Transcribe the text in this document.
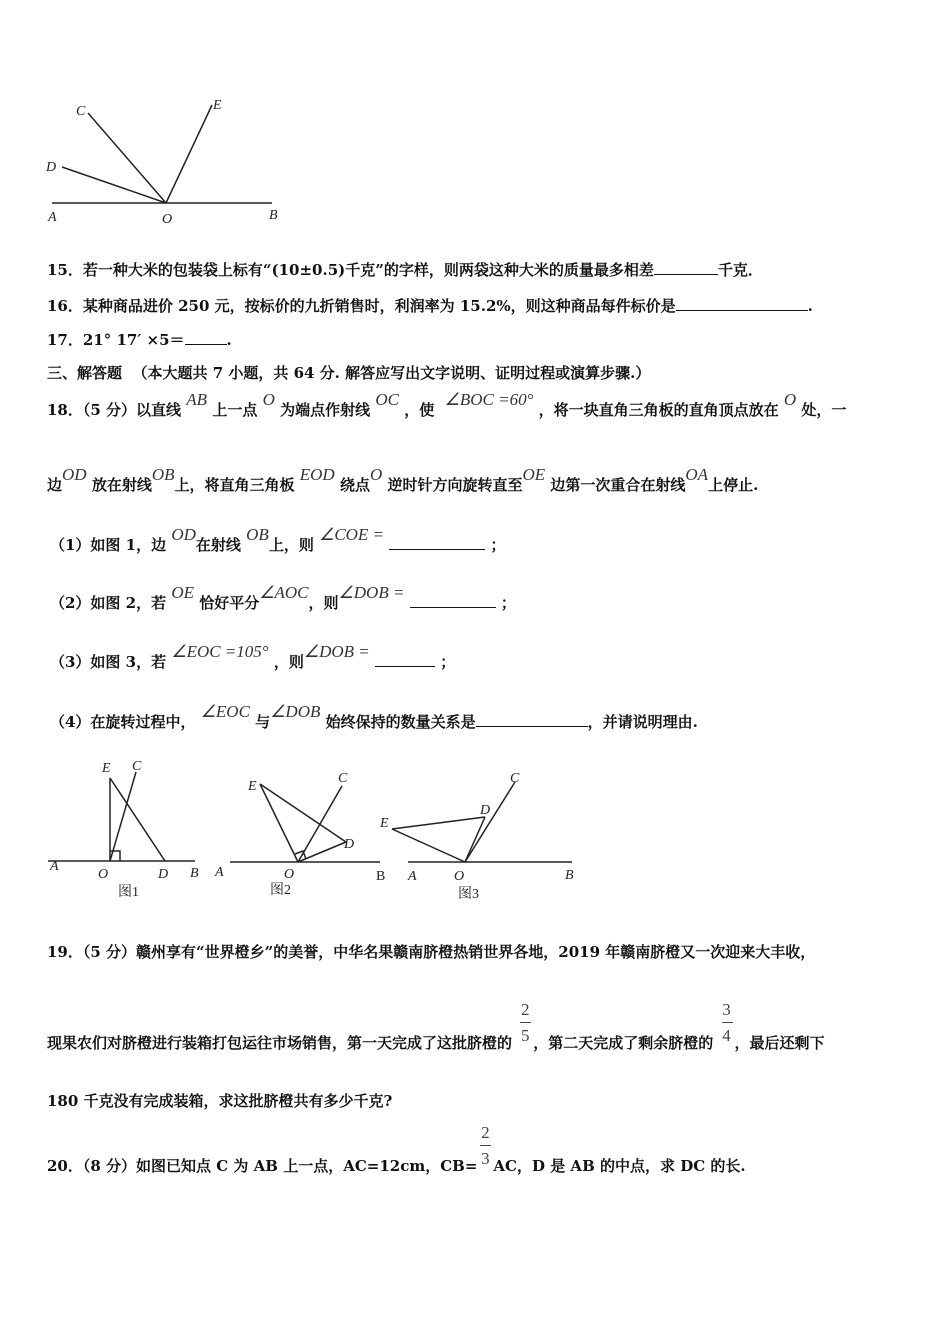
C	E
D
A	O	B
15．若一种大米的包装袋上标有“(10±0.5)千克”的字样，则两袋这种大米的质量最多相差	千克．
16．某种商品进价 250 元，按标价的九折销售时，利润率为 15.2%，则这种商品每件标价是	.
17．21° 17′ ×5＝	.
三、解答题 （本大题共 7 小题，共 64 分. 解答应写出文字说明、证明过程或演算步骤.）
18．（5 分）以直线 AB 上一点 O 为端点作射线 OC ，使  ∠BOC =60° ，将一块直角三角板的直角顶点放在 O 处，一
边OD 放在射线OB上，将直角三角板 EOD 绕点O 逆时针方向旋转直至OE 边第一次重合在射线OA上停止.
（1）如图 1，边 OD在射线 OB上，则 ∠COE =  ；
（2）如图 2，若 OE 恰好平分∠AOC，则∠DOB =  ；
（3）如图 3，若 ∠EOC =105° ，则∠DOB =  ；
（4）在旋转过程中， ∠EOC 与∠DOB 始终保持的数量关系是	，并请说明理由.
E C
A
O	D B
E
C
D
A	O	B
E
D
C
A	O	B
图1	图2	图3
19．（5 分）赣州享有“世界橙乡”的美誉，中华名果赣南脐橙热销世界各地，2019 年赣南脐橙又一次迎来大丰收，
现果农们对脐橙进行装箱打包运往市场销售，第一天完成了这批脐橙的 $\frac{2}{5}$ ，第二天完成了剩余脐橙的 $\frac{3}{4}$ ，最后还剩下
180 千克没有完成装箱，求这批脐橙共有多少千克?
20．（8 分）如图已知点 C 为 AB 上一点，AC=12cm，$CB= \frac{2}{3}$ AC，D 是 AB 的中点，求 DC 的长.
